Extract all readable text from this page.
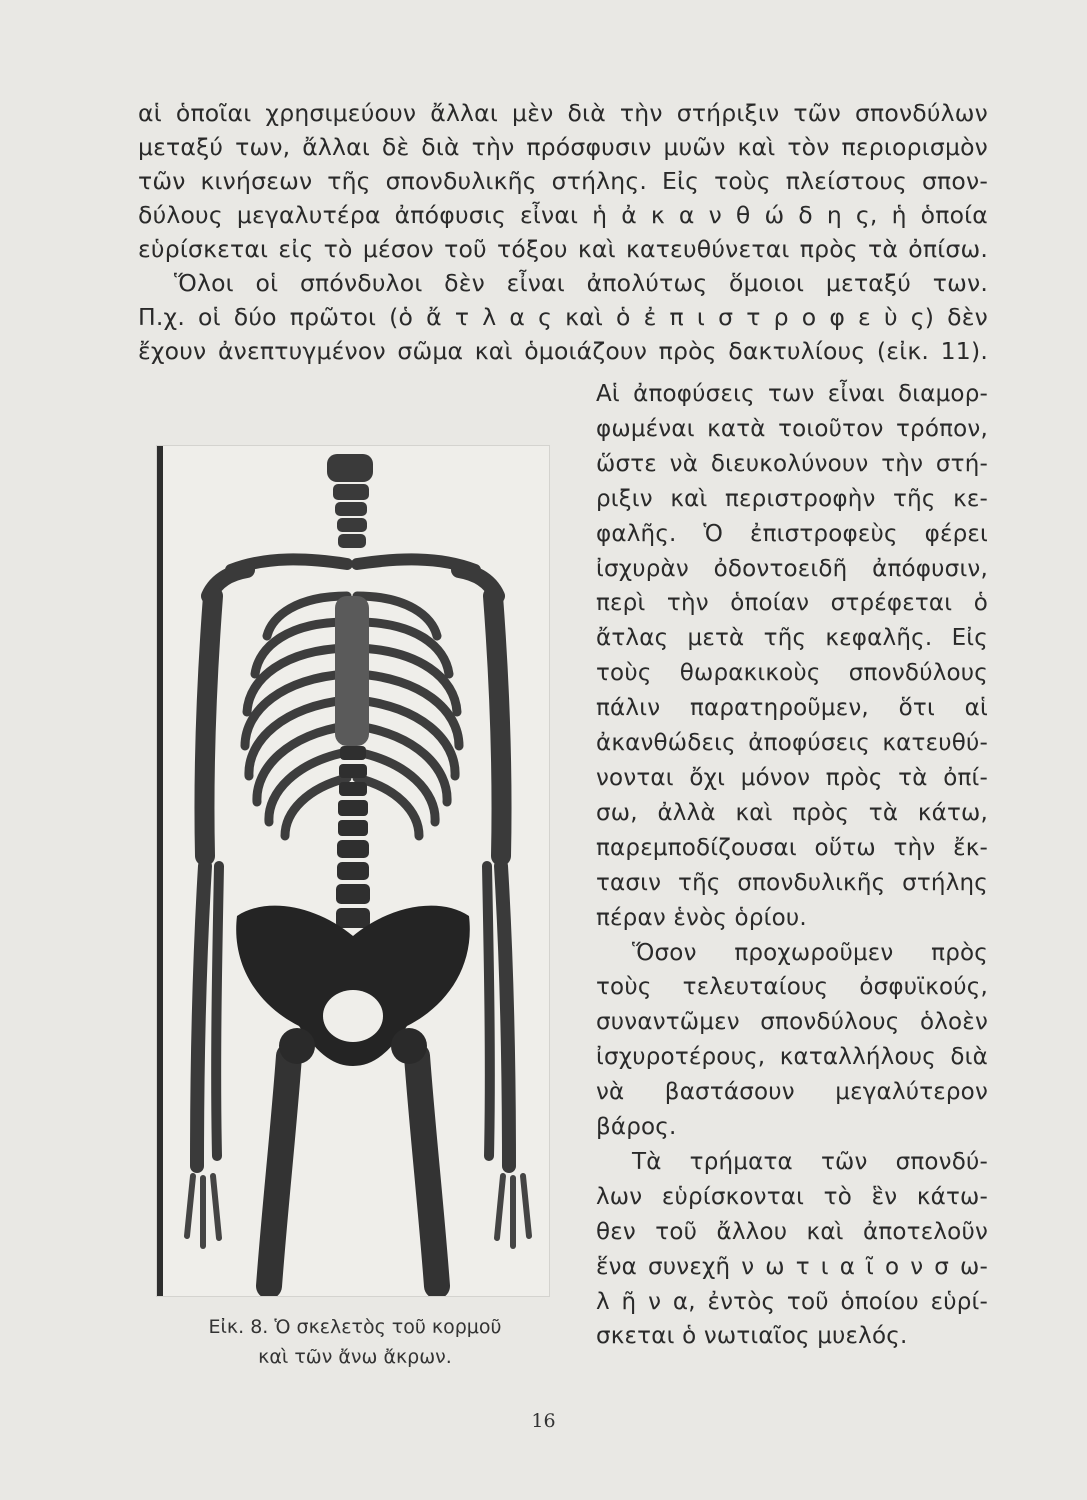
αἱ ὁποῖαι χρησιμεύουν ἄλλαι μὲν διὰ τὴν στήριξιν τῶν σπονδύλων
μεταξύ των, ἄλλαι δὲ διὰ τὴν πρόσφυσιν μυῶν καὶ τὸν περιορισμὸν
τῶν κινήσεων τῆς σπονδυλικῆς στήλης. Εἰς τοὺς πλείστους σπον-
δύλους μεγαλυτέρα ἀπόφυσις εἶναι ἡ ἀ κ α ν θ ώ δ η ς, ἡ ὁποία
εὑρίσκεται εἰς τὸ μέσον τοῦ τόξου καὶ κατευθύνεται πρὸς τὰ ὀπίσω.
Ὅλοι οἱ σπόνδυλοι δὲν εἶναι ἀπολύτως ὅμοιοι μεταξύ των.
Π.χ. οἱ δύο πρῶτοι (ὁ ἄ τ λ α ς καὶ ὁ ἐ π ι σ τ ρ ο φ ε ὺ ς) δὲν
ἔχουν ἀνεπτυγμένον σῶμα καὶ ὁμοιάζουν πρὸς δακτυλίους (εἰκ. 11).
Εἰκ. 8. Ὁ σκελετὸς τοῦ κορμοῦ
καὶ τῶν ἄνω ἄκρων.
Αἱ ἀποφύσεις των εἶναι διαμορ-
φωμέναι κατὰ τοιοῦτον τρόπον,
ὥστε νὰ διευκολύνουν τὴν στή-
ριξιν καὶ περιστροφὴν τῆς κε-
φαλῆς. Ὁ ἐπιστροφεὺς φέρει
ἰσχυρὰν ὀδοντοειδῆ ἀπόφυσιν,
περὶ τὴν ὁποίαν στρέφεται ὁ
ἄτλας μετὰ τῆς κεφαλῆς. Εἰς
τοὺς θωρακικοὺς σπονδύλους
πάλιν παρατηροῦμεν, ὅτι αἱ
ἀκανθώδεις ἀποφύσεις κατευθύ-
νονται ὄχι μόνον πρὸς τὰ ὀπί-
σω, ἀλλὰ καὶ πρὸς τὰ κάτω,
παρεμποδίζουσαι οὕτω τὴν ἔκ-
τασιν τῆς σπονδυλικῆς στήλης
πέραν ἑνὸς ὁρίου.
Ὅσον προχωροῦμεν πρὸς
τοὺς τελευταίους ὀσφυϊκούς,
συναντῶμεν σπονδύλους ὁλοὲν
ἰσχυροτέρους, καταλλήλους διὰ
νὰ βαστάσουν μεγαλύτερον
βάρος.
Τὰ τρήματα τῶν σπονδύ-
λων εὑρίσκονται τὸ ἓν κάτω-
θεν τοῦ ἄλλου καὶ ἀποτελοῦν
ἕνα συνεχῆ ν ω τ ι α ῖ ο ν σ ω-
λ ῆ ν α, ἐντὸς τοῦ ὁποίου εὑρί-
σκεται ὁ νωτιαῖος μυελός.
16
